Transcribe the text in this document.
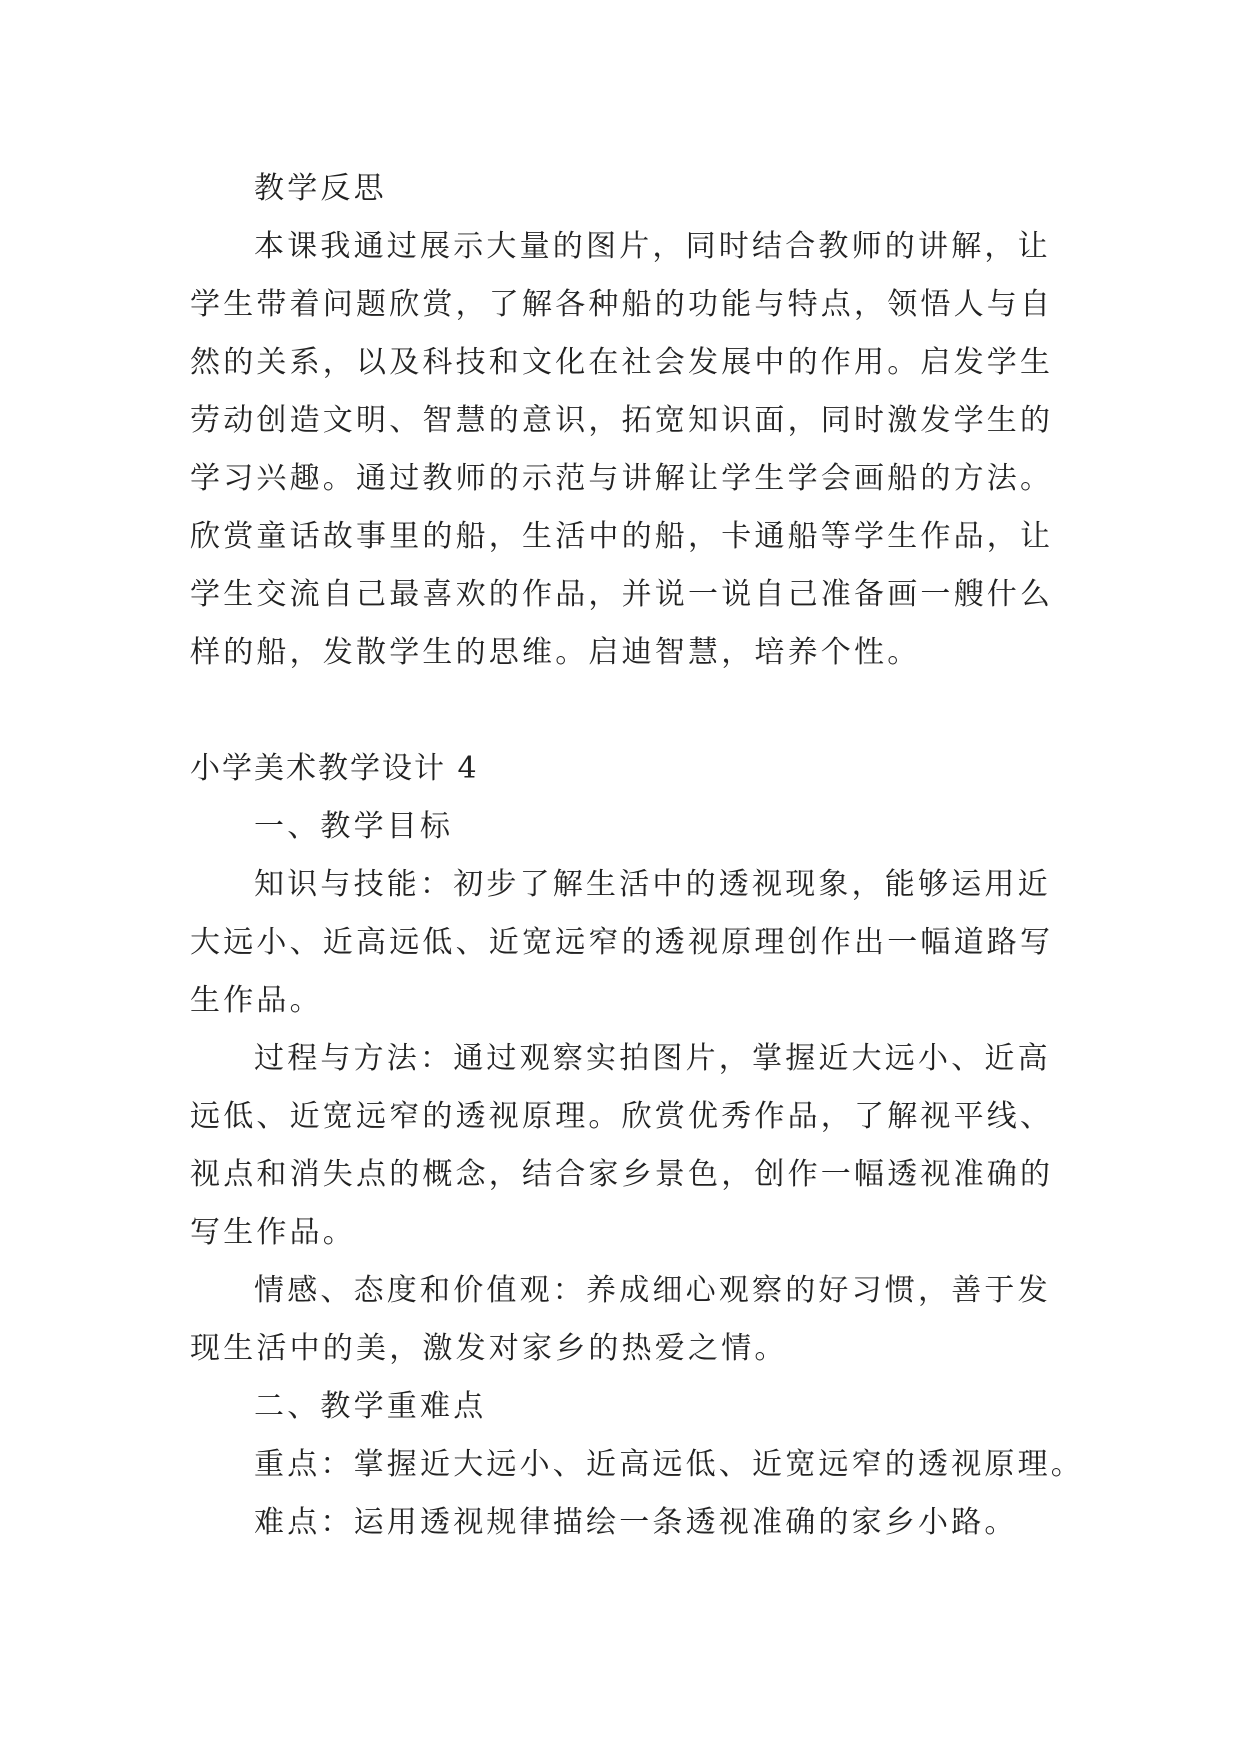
教学反思
本课我通过展示大量的图片，同时结合教师的讲解，让
学生带着问题欣赏，了解各种船的功能与特点，领悟人与自
然的关系，以及科技和文化在社会发展中的作用。启发学生
劳动创造文明、智慧的意识，拓宽知识面，同时激发学生的
学习兴趣。通过教师的示范与讲解让学生学会画船的方法。
欣赏童话故事里的船，生活中的船，卡通船等学生作品，让
学生交流自己最喜欢的作品，并说一说自己准备画一艘什么
样的船，发散学生的思维。启迪智慧，培养个性。
小学美术教学设计 4
一、教学目标
知识与技能：初步了解生活中的透视现象，能够运用近
大远小、近高远低、近宽远窄的透视原理创作出一幅道路写
生作品。
过程与方法：通过观察实拍图片，掌握近大远小、近高
远低、近宽远窄的透视原理。欣赏优秀作品，了解视平线、
视点和消失点的概念，结合家乡景色，创作一幅透视准确的
写生作品。
情感、态度和价值观：养成细心观察的好习惯，善于发
现生活中的美，激发对家乡的热爱之情。
二、教学重难点
重点：掌握近大远小、近高远低、近宽远窄的透视原理。
难点：运用透视规律描绘一条透视准确的家乡小路。
